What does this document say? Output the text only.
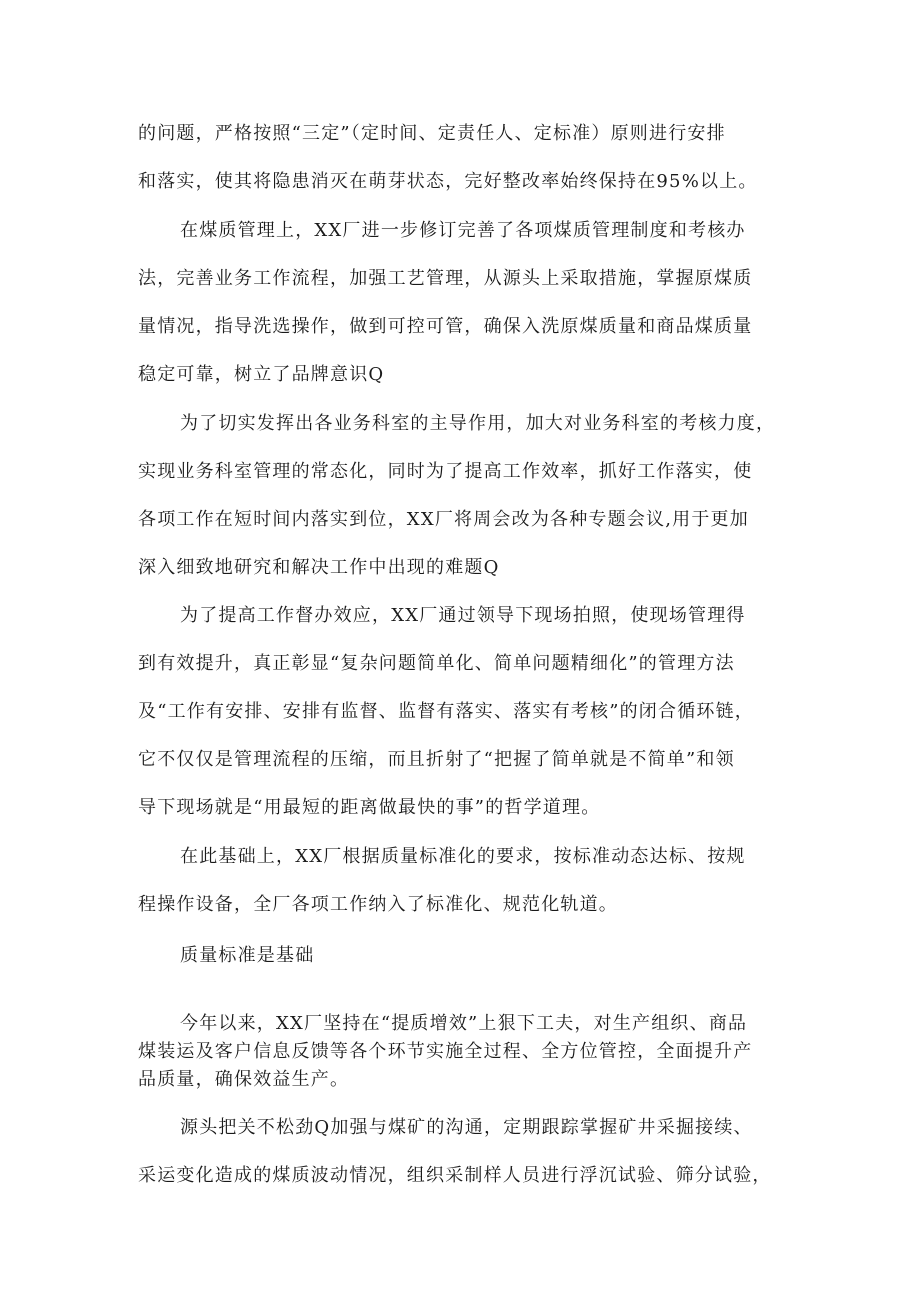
的问题，严格按照“三定”（定时间、定责任人、定标准）原则进行安排
和落实，使其将隐患消灭在萌芽状态，完好整改率始终保持在95%以上。
在煤质管理上，XX厂进一步修订完善了各项煤质管理制度和考核办
法，完善业务工作流程，加强工艺管理，从源头上采取措施，掌握原煤质
量情况，指导洗选操作，做到可控可管，确保入洗原煤质量和商品煤质量
稳定可靠，树立了品牌意识Q
为了切实发挥出各业务科室的主导作用，加大对业务科室的考核力度，
实现业务科室管理的常态化，同时为了提高工作效率，抓好工作落实，使
各项工作在短时间内落实到位，XX厂将周会改为各种专题会议,用于更加
深入细致地研究和解决工作中出现的难题Q
为了提高工作督办效应，XX厂通过领导下现场拍照，使现场管理得
到有效提升，真正彰显“复杂问题简单化、简单问题精细化”的管理方法
及“工作有安排、安排有监督、监督有落实、落实有考核”的闭合循环链，
它不仅仅是管理流程的压缩，而且折射了“把握了简单就是不简单”和领
导下现场就是“用最短的距离做最快的事”的哲学道理。
在此基础上，XX厂根据质量标准化的要求，按标准动态达标、按规
程操作设备，全厂各项工作纳入了标准化、规范化轨道。
质量标准是基础
今年以来，XX厂坚持在“提质增效”上狠下工夫，对生产组织、商品
煤装运及客户信息反馈等各个环节实施全过程、全方位管控，全面提升产
品质量，确保效益生产。
源头把关不松劲Q加强与煤矿的沟通，定期跟踪掌握矿井采掘接续、
采运变化造成的煤质波动情况，组织采制样人员进行浮沉试验、筛分试验，
